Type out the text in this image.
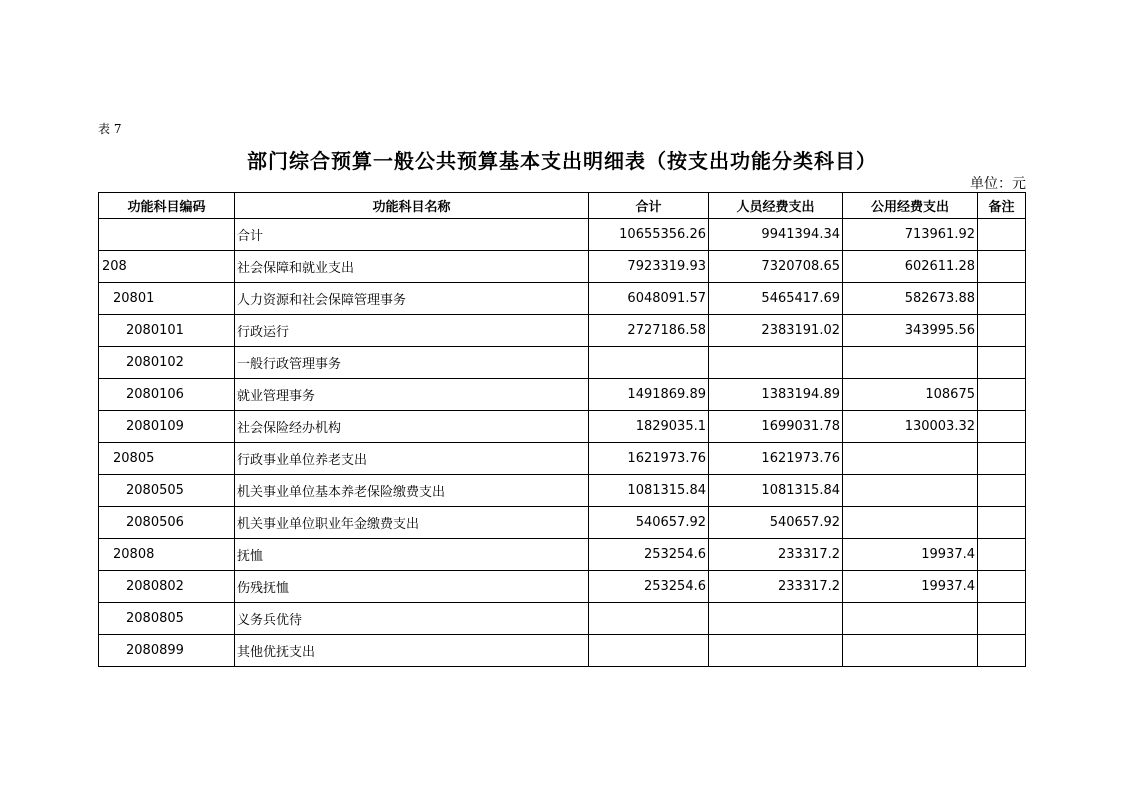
表 7
部门综合预算一般公共预算基本支出明细表（按支出功能分类科目）
单位：元
功能科目编码	功能科目名称	合计	人员经费支出	公用经费支出	备注
	合计	10655356.26	9941394.34	713961.92	
208	社会保障和就业支出	7923319.93	7320708.65	602611.28	
20801	人力资源和社会保障管理事务	6048091.57	5465417.69	582673.88	
2080101	行政运行	2727186.58	2383191.02	343995.56	
2080102	一般行政管理事务				
2080106	就业管理事务	1491869.89	1383194.89	108675	
2080109	社会保险经办机构	1829035.1	1699031.78	130003.32	
20805	行政事业单位养老支出	1621973.76	1621973.76		
2080505	机关事业单位基本养老保险缴费支出	1081315.84	1081315.84		
2080506	机关事业单位职业年金缴费支出	540657.92	540657.92		
20808	抚恤	253254.6	233317.2	19937.4	
2080802	伤残抚恤	253254.6	233317.2	19937.4	
2080805	义务兵优待				
2080899	其他优抚支出				
